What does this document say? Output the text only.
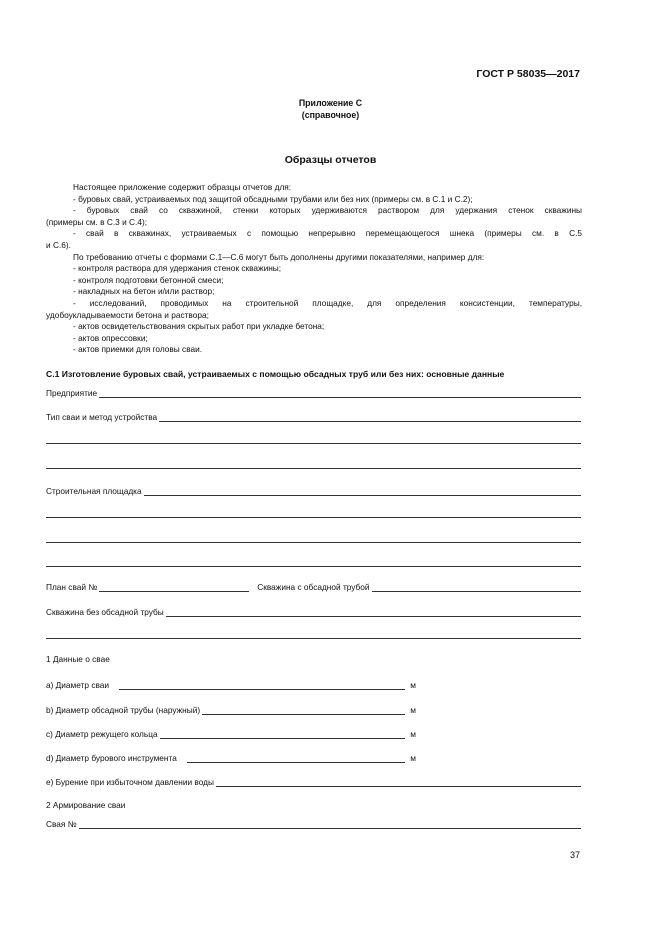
ГОСТ Р 58035—2017
Приложение С
(справочное)
Образцы отчетов
Настоящее приложение содержит образцы отчетов для:
- буровых свай, устраиваемых под защитой обсадными трубами или без них (примеры см. в С.1 и С.2);
- буровых свай со скважиной, стенки которых удерживаются раствором для удержания стенок скважины
(примеры см. в С.3 и С.4);
- свай в скважинах, устраиваемых с помощью непрерывно перемещающегося шнека (примеры см. в С.5
и С.6).
По требованию отчеты с формами С.1—С.6 могут быть дополнены другими показателями, например для:
- контроля раствора для удержания стенок скважины;
- контроля подготовки бетонной смеси;
- накладных на бетон и/или раствор;
- исследований, проводимых на строительной площадке, для определения консистенции, температуры,
удобоукладываемости бетона и раствора;
- актов освидетельствования скрытых работ при укладке бетона;
- актов опрессовки;
- актов приемки для головы сваи.
С.1 Изготовление буровых свай, устраиваемых с помощью обсадных труб или без них: основные данные
Предприятие
Тип сваи и метод устройства
Строительная площадка
План свай №	Скважина с обсадной трубой
Скважина без обсадной трубы
1 Данные о свае
а) Диаметр сваи	м
b) Диаметр обсадной трубы (наружный)	м
c) Диаметр режущего кольца	м
d) Диаметр бурового инструмента	м
е) Бурение при избыточном давлении воды
2 Армирование сваи
Свая №
37
